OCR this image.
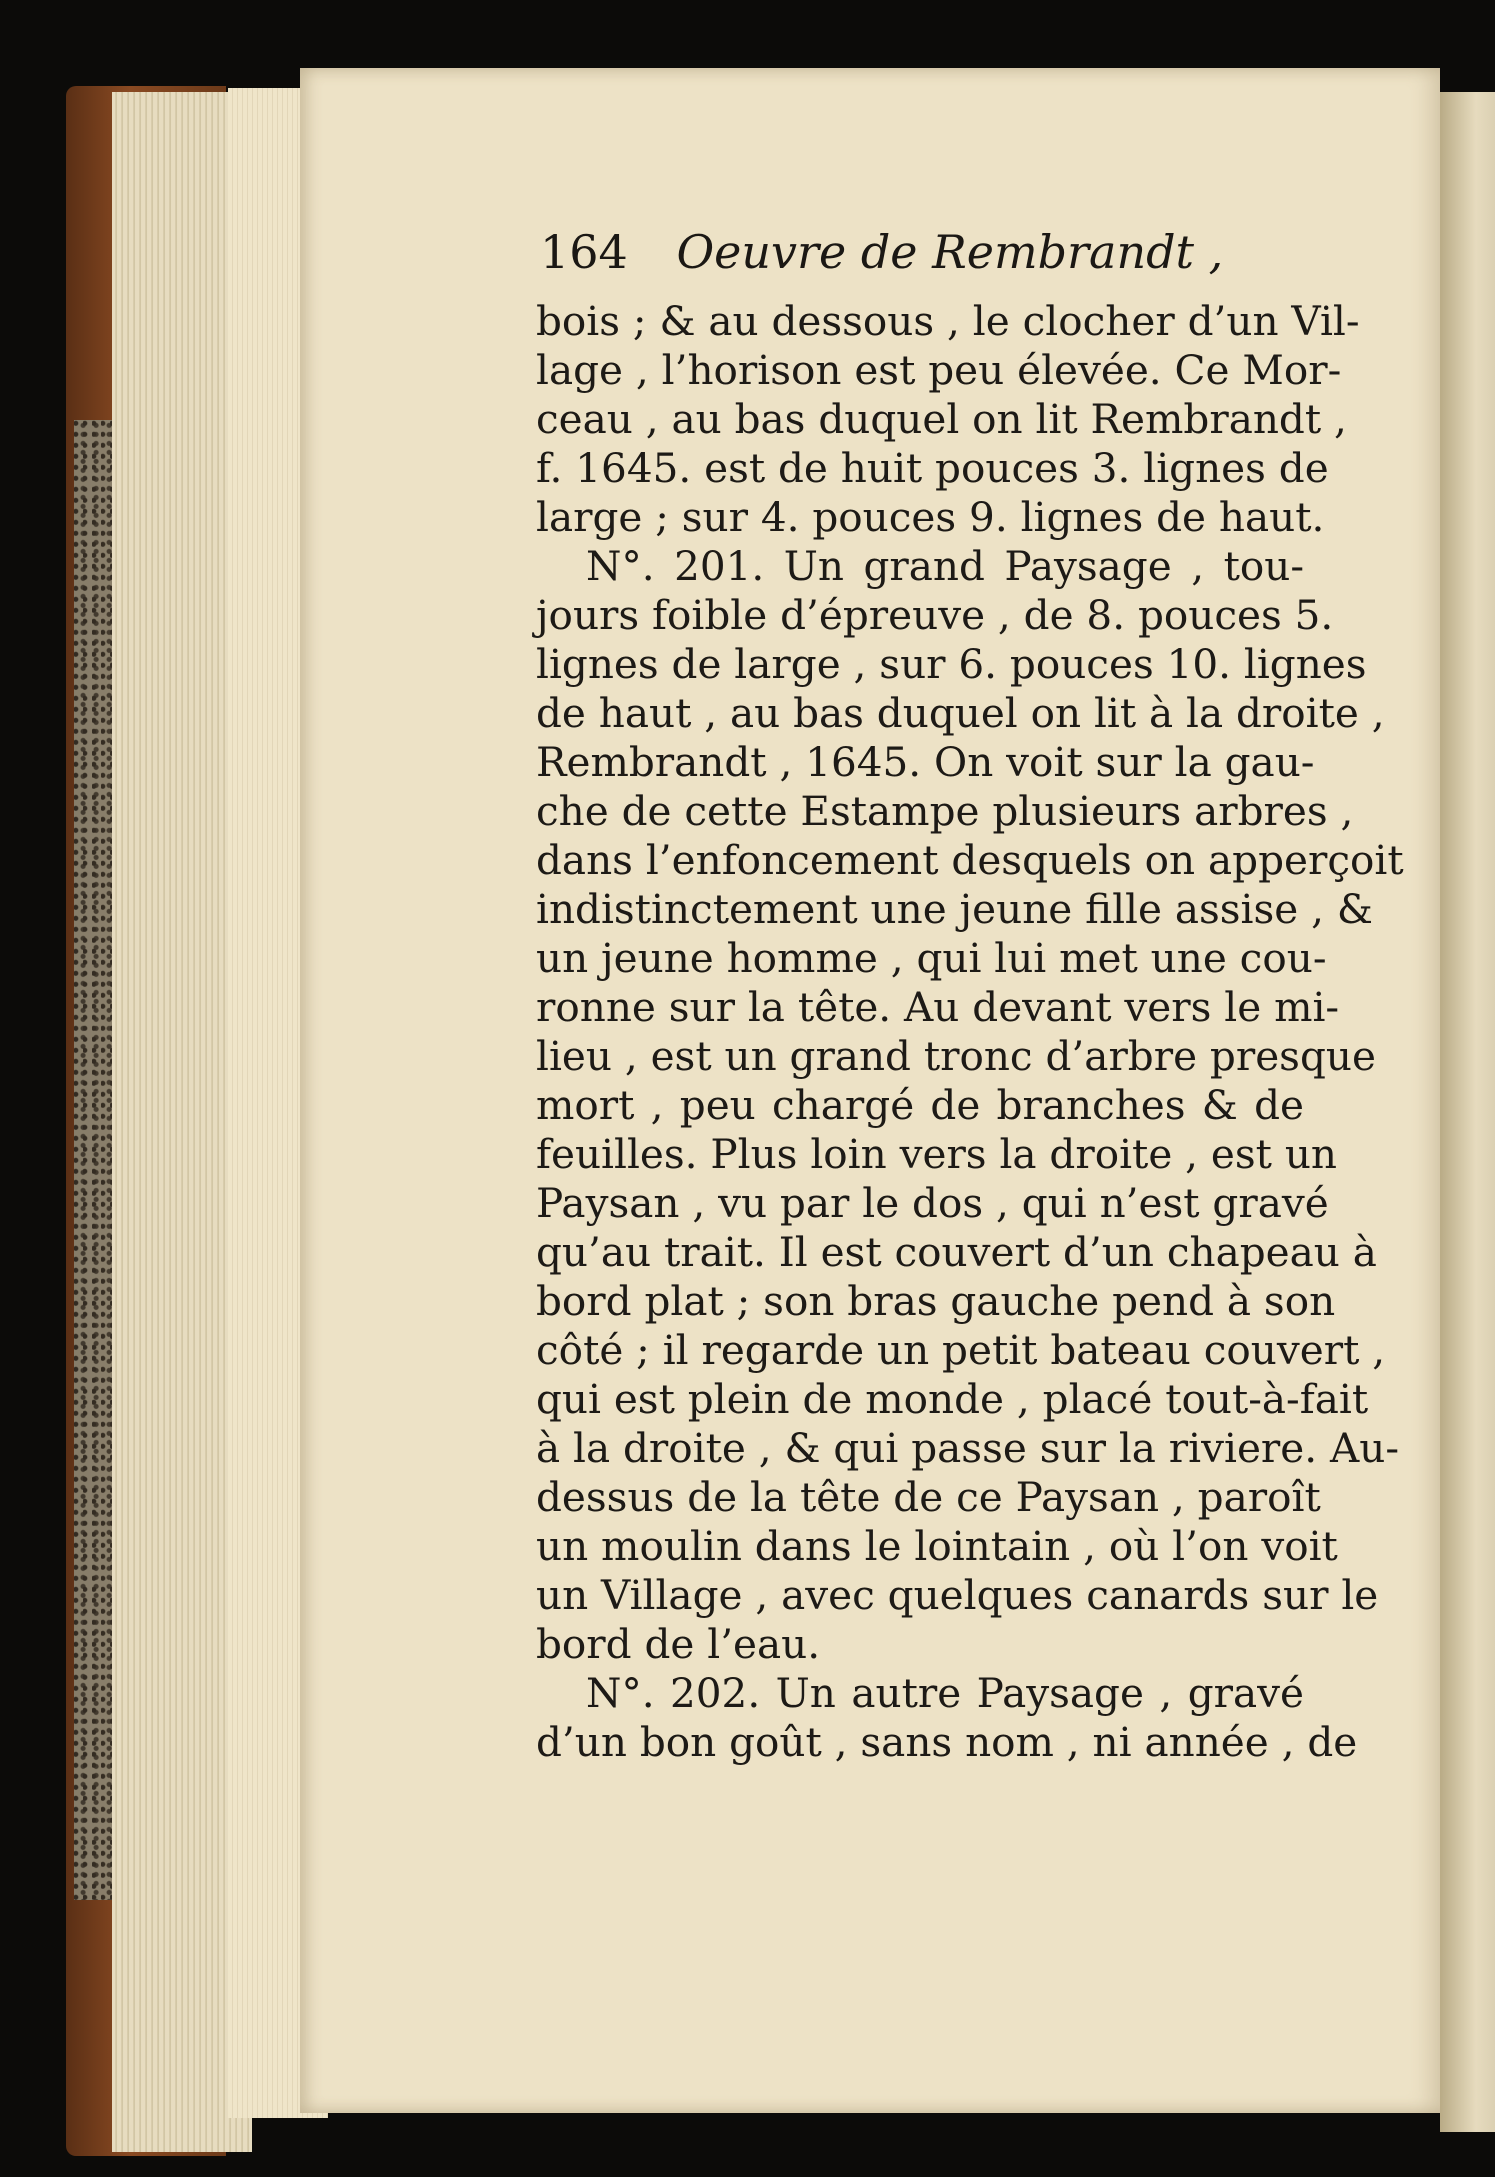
164 Oeuvre de Rembrandt ,
bois ; & au dessous , le clocher d’un Vil-
lage , l’horison est peu élevée. Ce Mor-
ceau , au bas duquel on lit Rembrandt ,
f. 1645. est de huit pouces 3. lignes de
large ; sur 4. pouces 9. lignes de haut.
N°. 201. Un grand Paysage , tou-
jours foible d’épreuve , de 8. pouces 5.
lignes de large , sur 6. pouces 10. lignes
de haut , au bas duquel on lit à la droite ,
Rembrandt , 1645. On voit sur la gau-
che de cette Estampe plusieurs arbres ,
dans l’enfoncement desquels on apperçoit
indistinctement une jeune fille assise , &
un jeune homme , qui lui met une cou-
ronne sur la tête. Au devant vers le mi-
lieu , est un grand tronc d’arbre presque
mort , peu chargé de branches & de
feuilles. Plus loin vers la droite , est un
Paysan , vu par le dos , qui n’est gravé
qu’au trait. Il est couvert d’un chapeau à
bord plat ; son bras gauche pend à son
côté ; il regarde un petit bateau couvert ,
qui est plein de monde , placé tout-à-fait
à la droite , & qui passe sur la riviere. Au-
dessus de la tête de ce Paysan , paroît
un moulin dans le lointain , où l’on voit
un Village , avec quelques canards sur le
bord de l’eau.
N°. 202. Un autre Paysage , gravé
d’un bon goût , sans nom , ni année , de
